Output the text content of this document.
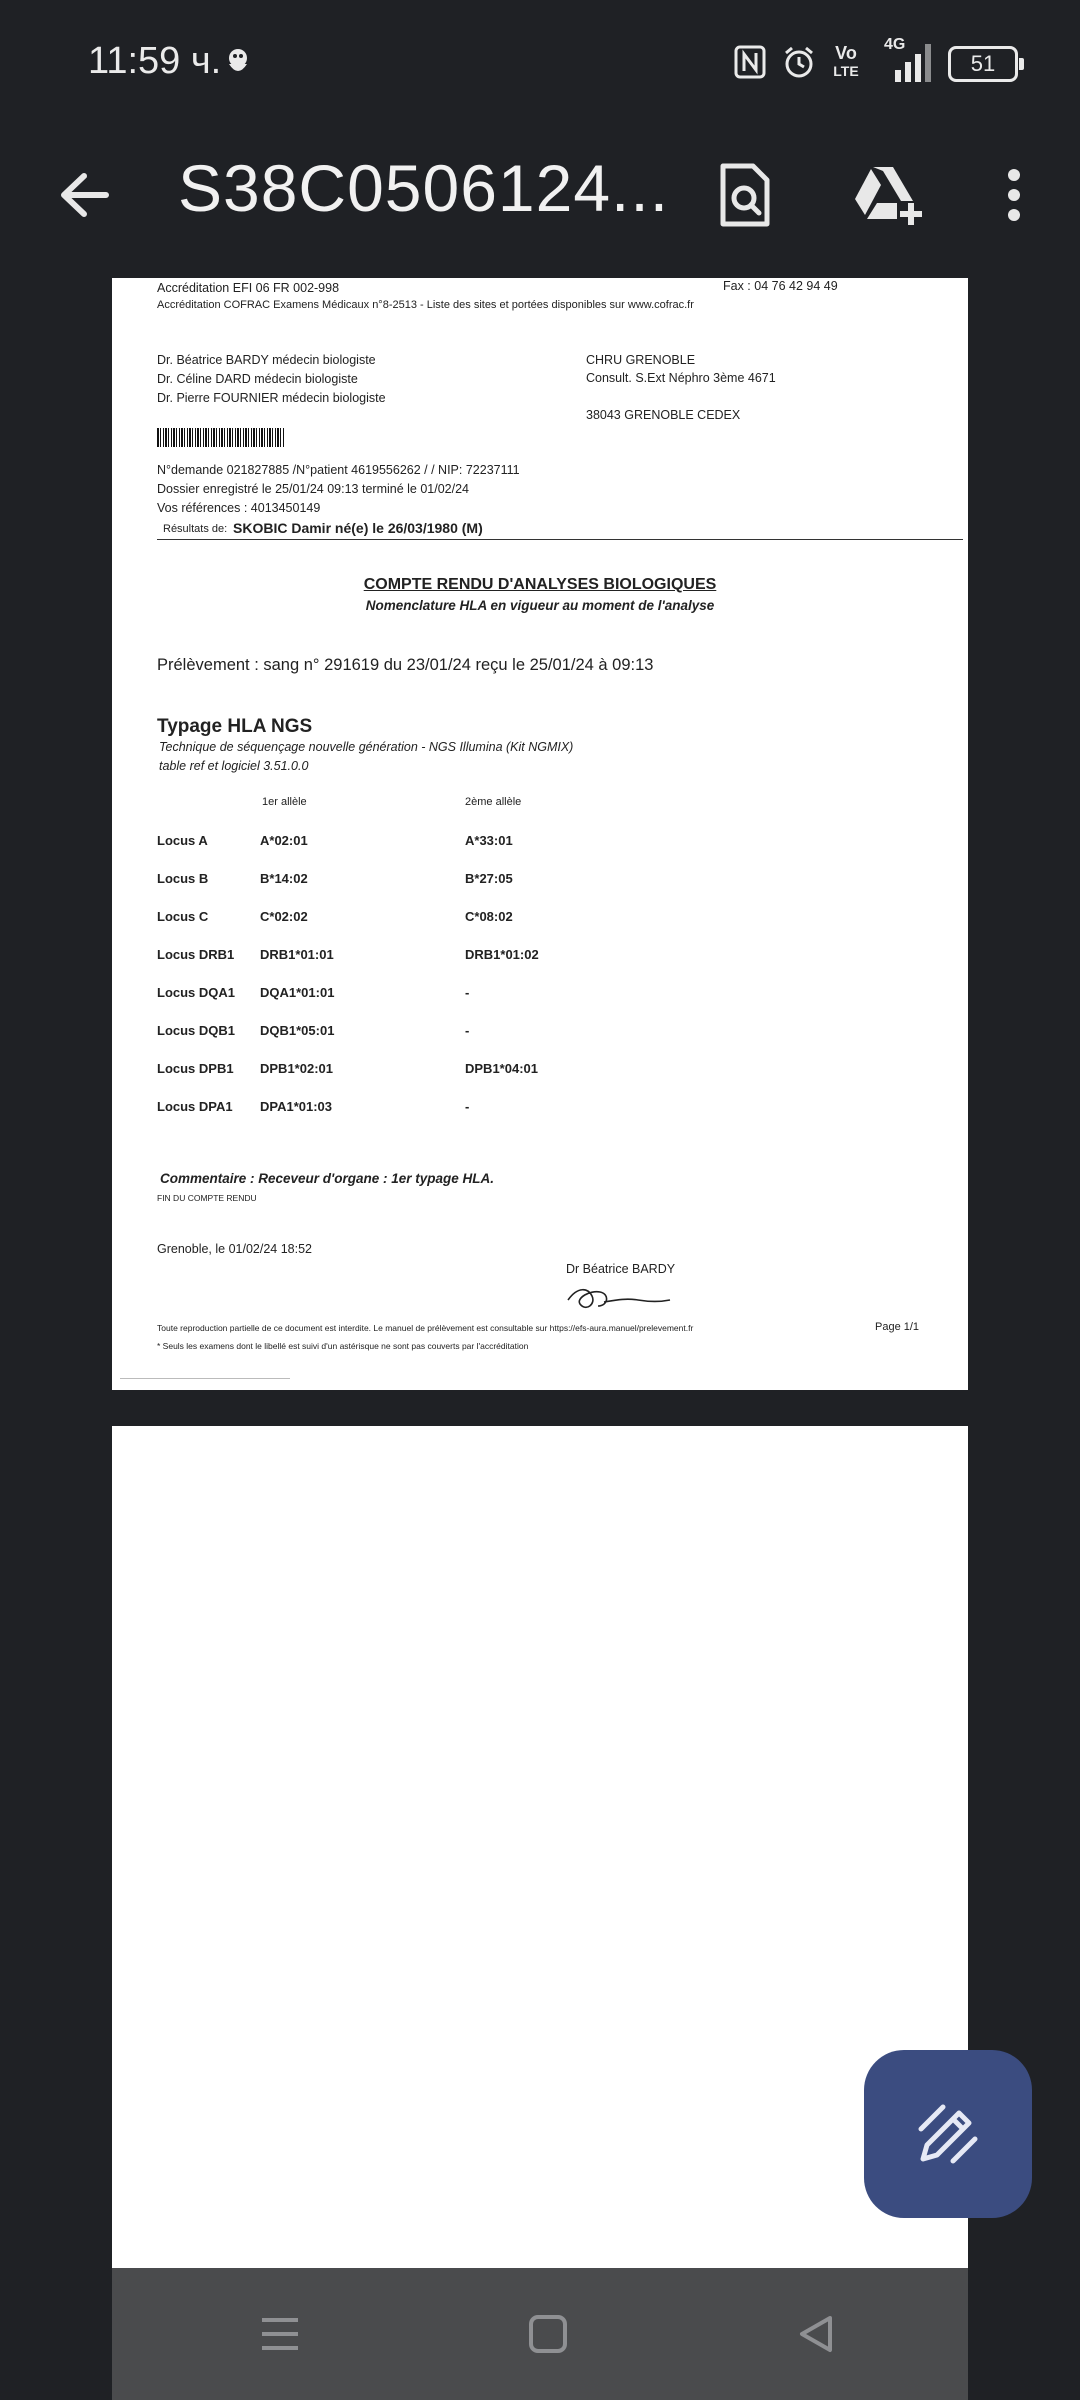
11:59 ч.	Vo
LTE
4G
51
S38C0506124...
Accréditation EFI 06 FR 002-998	Fax : 04 76 42 94 49
Accréditation COFRAC Examens Médicaux n°8-2513 - Liste des sites et portées disponibles sur www.cofrac.fr
Dr. Béatrice BARDY médecin biologiste
Dr. Céline DARD médecin biologiste
Dr. Pierre FOURNIER médecin biologiste
CHRU GRENOBLE
Consult. S.Ext Néphro 3ème 4671
38043 GRENOBLE CEDEX
N°demande 021827885 /N°patient 4619556262 / / NIP: 72237111
Dossier enregistré le 25/01/24 09:13 terminé le 01/02/24
Vos références : 4013450149
Résultats de: SKOBIC Damir né(e) le 26/03/1980 (M)
COMPTE RENDU D'ANALYSES BIOLOGIQUES
Nomenclature HLA en vigueur au moment de l'analyse
Prélèvement : sang n° 291619 du 23/01/24 reçu le 25/01/24 à 09:13
Typage HLA NGS
Technique de séquençage nouvelle génération - NGS Illumina (Kit NGMIX)
table ref et logiciel 3.51.0.0
1er allèle	2ème allèle
Locus A	A*02:01	A*33:01
Locus B	B*14:02	B*27:05
Locus C	C*02:02	C*08:02
Locus DRB1 DRB1*01:01	DRB1*01:02
Locus DQA1 DQA1*01:01	-
Locus DQB1 DQB1*05:01	-
Locus DPB1 DPB1*02:01	DPB1*04:01
Locus DPA1 DPA1*01:03	-
Commentaire : Receveur d'organe : 1er typage HLA.
FIN DU COMPTE RENDU
Grenoble, le 01/02/24 18:52
Dr Béatrice BARDY
Toute reproduction partielle de ce document est interdite. Le manuel de prélèvement est consultable sur https://efs-aura.manuel/prelevement.fr	Page 1/1
* Seuls les examens dont le libellé est suivi d'un astérisque ne sont pas couverts par l'accréditation
